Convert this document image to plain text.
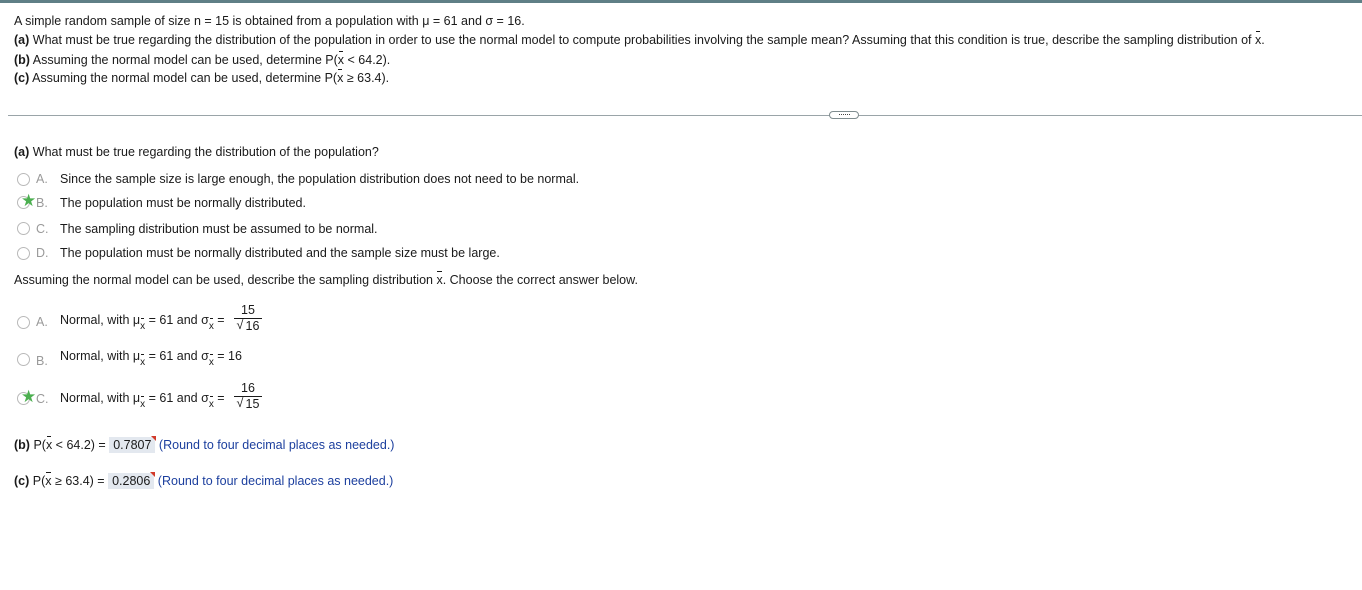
A simple random sample of size n = 15 is obtained from a population with μ = 61 and σ = 16.
(a) What must be true regarding the distribution of the population in order to use the normal model to compute probabilities involving the sample mean? Assuming that this condition is true, describe the sampling distribution of x.
(b) Assuming the normal model can be used, determine P(x < 64.2).
(c) Assuming the normal model can be used, determine P(x ≥ 63.4).
(a) What must be true regarding the distribution of the population?
A. Since the sample size is large enough, the population distribution does not need to be normal.
★ B. The population must be normally distributed.
C. The sampling distribution must be assumed to be normal.
D. The population must be normally distributed and the sample size must be large.
Assuming the normal model can be used, describe the sampling distribution x. Choose the correct answer below.
A. Normal, with μx = 61 and σx =
15
√ 16
B. Normal, with μx = 61 and σx = 16
★ C. Normal, with μx = 61 and σx =
16
√ 15
(b) P(x < 64.2) = 0.7807 (Round to four decimal places as needed.)
(c) P(x ≥ 63.4) = 0.2806 (Round to four decimal places as needed.)
